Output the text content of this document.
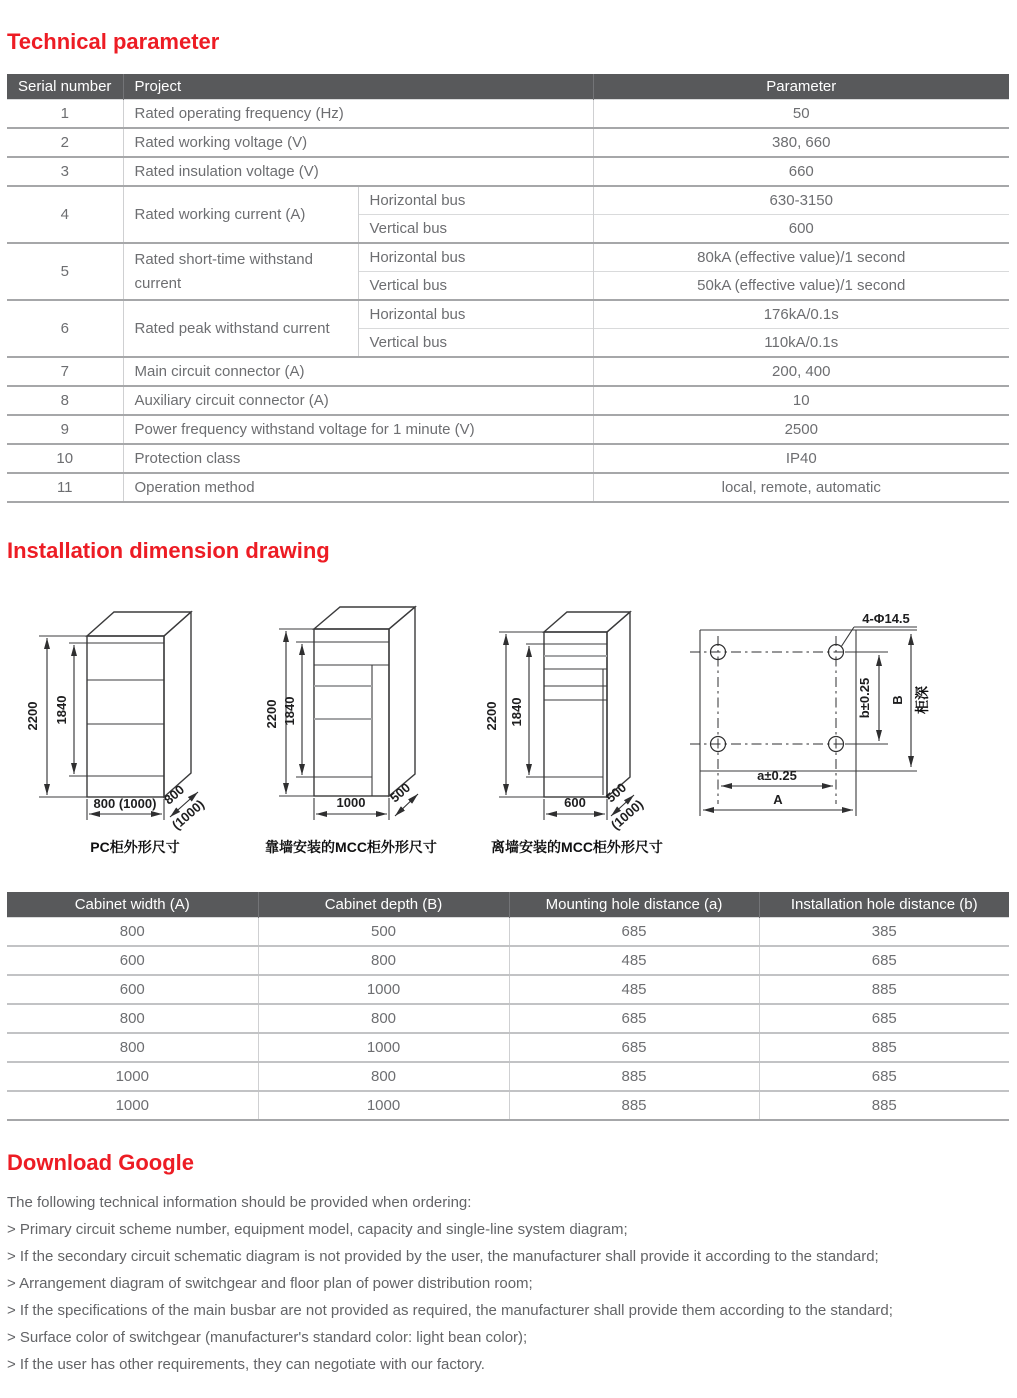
Technical parameter
Serial number	Project		Parameter
1	Rated operating frequency (Hz)		50
2	Rated working voltage (V)		380, 660
3	Rated insulation voltage (V)		660
4	Rated working current (A)	Horizontal bus	630-3150
		Vertical bus	600
5	Rated short-time withstand current	Horizontal bus	80kA (effective value)/1 second
		Vertical bus	50kA (effective value)/1 second
6	Rated peak withstand current	Horizontal bus	176kA/0.1s
		Vertical bus	110kA/0.1s
7	Main circuit connector (A)		200, 400
8	Auxiliary circuit connector (A)		10
9	Power frequency withstand voltage for 1 minute (V)		2500
10	Protection class		IP40
11	Operation method		local, remote, automatic
Installation dimension drawing
2200 1840
800 (1000) 800
(1000)
PC柜外形尺寸
2200 1840
1000 500
靠墙安装的MCC柜外形尺寸
2200 1840
600 500
(1000)
离墙安装的MCC柜外形尺寸
4-Φ14.5
b±0.25 B 柜深
a±0.25
A
Cabinet width (A)	Cabinet depth (B)	Mounting hole distance (a)	Installation hole distance (b)
800	500	685	385
600	800	485	685
600	1000	485	885
800	800	685	685
800	1000	685	885
1000	800	885	685
1000	1000	885	885
Download Google

The following technical information should be provided when ordering:

> Primary circuit scheme number, equipment model, capacity and single-line system diagram;

> If the secondary circuit schematic diagram is not provided by the user, the manufacturer shall provide it according to the standard;

> Arrangement diagram of switchgear and floor plan of power distribution room;

> If the specifications of the main busbar are not provided as required, the manufacturer shall provide them according to the standard;

> Surface color of switchgear (manufacturer's standard color: light bean color);

> If the user has other requirements, they can negotiate with our factory.
